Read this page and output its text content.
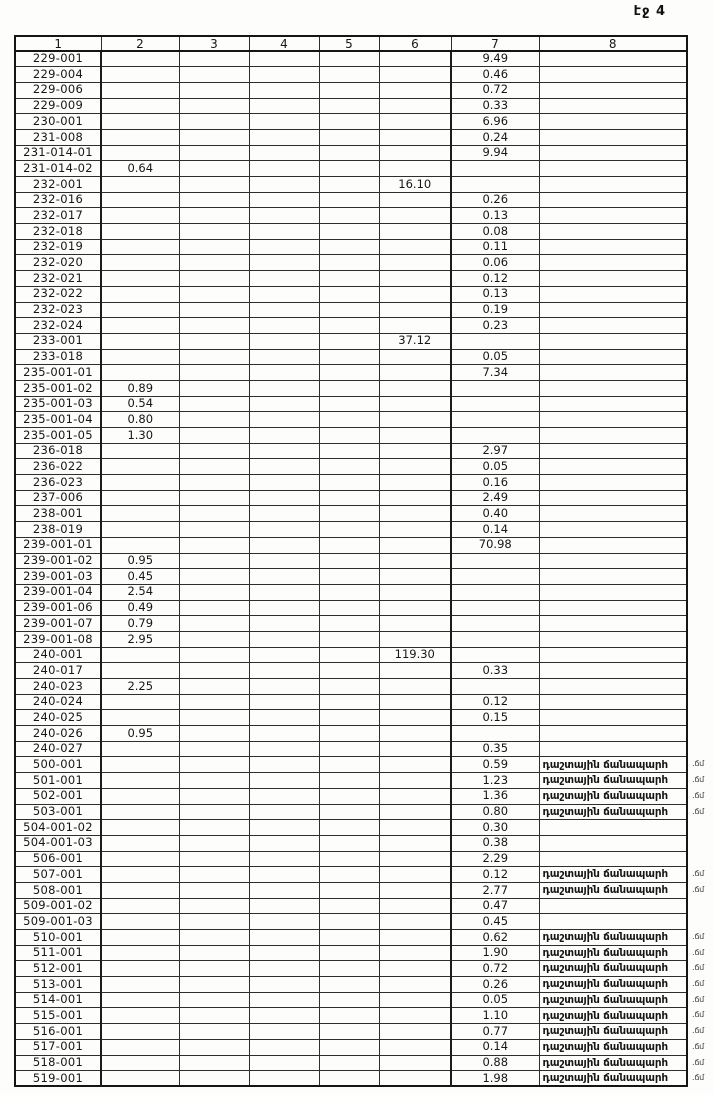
էջ 4
1	2	3	4	5	6	7	8
229-001						9.49	
229-004						0.46	
229-006						0.72	
229-009						0.33	
230-001						6.96	
231-008						0.24	
231-014-01						9.94	
231-014-02	0.64						
232-001					16.10		
232-016						0.26	
232-017						0.13	
232-018						0.08	
232-019						0.11	
232-020						0.06	
232-021						0.12	
232-022						0.13	
232-023						0.19	
232-024						0.23	
233-001					37.12		
233-018						0.05	
235-001-01						7.34	
235-001-02	0.89						
235-001-03	0.54						
235-001-04	0.80						
235-001-05	1.30						
236-018						2.97	
236-022						0.05	
236-023						0.16	
237-006						2.49	
238-001						0.40	
238-019						0.14	
239-001-01						70.98	
239-001-02	0.95						
239-001-03	0.45						
239-001-04	2.54						
239-001-06	0.49						
239-001-07	0.79						
239-001-08	2.95						
240-001					119.30		
240-017						0.33	
240-023	2.25						
240-024						0.12	
240-025						0.15	
240-026	0.95						
240-027						0.35	
500-001						0.59	դաշտային ճանապարհ .ճմ

501-001						1.23	դաշտային ճանապարհ .ճմ

502-001						1.36	դաշտային ճանապարհ .ճմ

503-001						0.80	դաշտային ճանապարհ .ճմ

504-001-02						0.30	
504-001-03						0.38	
506-001						2.29	
507-001						0.12	դաշտային ճանապարհ .ճմ

508-001						2.77	դաշտային ճանապարհ .ճմ

509-001-02						0.47	
509-001-03						0.45	
510-001						0.62	դաշտային ճանապարհ .ճմ

511-001						1.90	դաշտային ճանապարհ .ճմ

512-001						0.72	դաշտային ճանապարհ .ճմ

513-001						0.26	դաշտային ճանապարհ .ճմ

514-001						0.05	դաշտային ճանապարհ .ճմ

515-001						1.10	դաշտային ճանապարհ .ճմ

516-001						0.77	դաշտային ճանապարհ .ճմ

517-001						0.14	դաշտային ճանապարհ .ճմ

518-001						0.88	դաշտային ճանապարհ .ճմ

519-001						1.98	դաշտային ճանապարհ .ճմ
